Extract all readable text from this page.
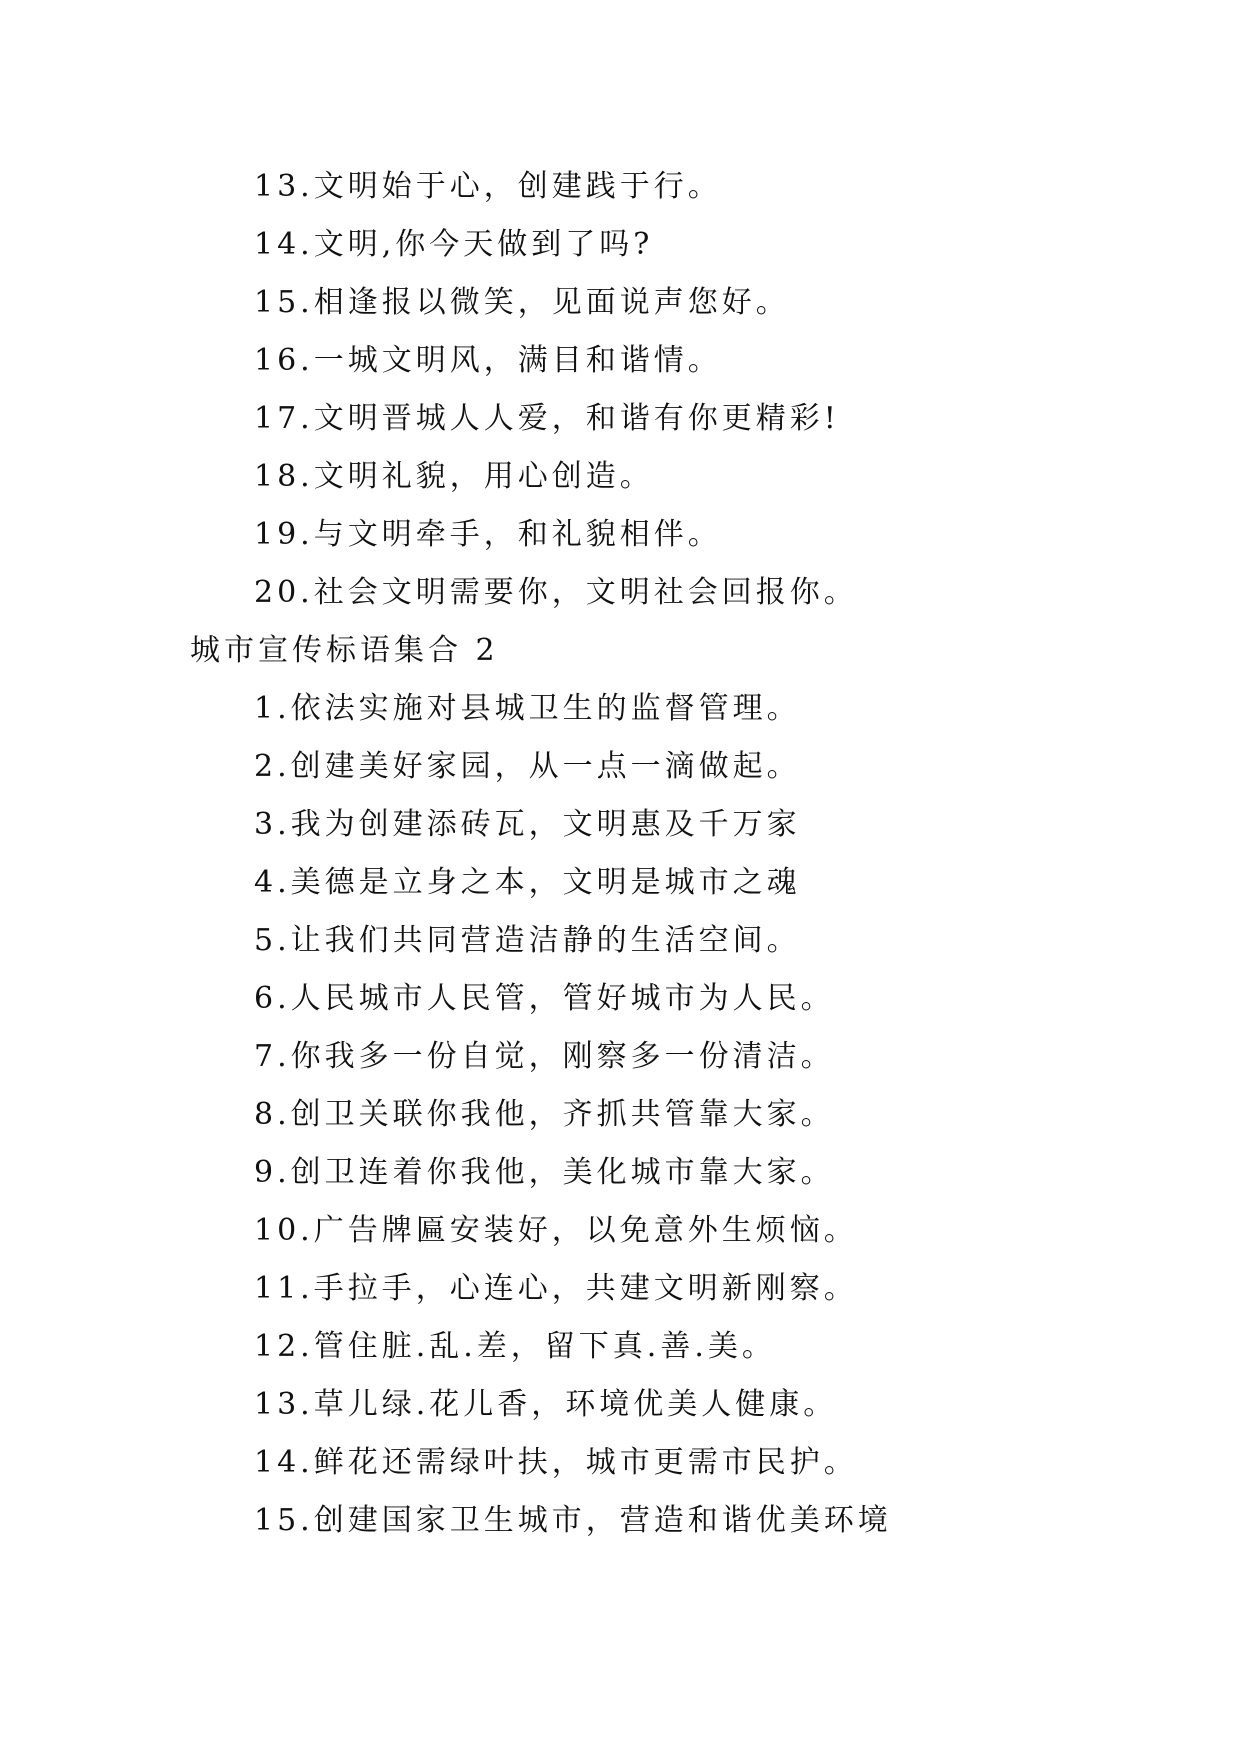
13.文明始于心，创建践于行。
14.文明,你今天做到了吗?
15.相逢报以微笑，见面说声您好。
16.一城文明风，满目和谐情。
17.文明晋城人人爱，和谐有你更精彩!
18.文明礼貌，用心创造。
19.与文明牵手，和礼貌相伴。
20.社会文明需要你，文明社会回报你。
城市宣传标语集合 2
1.依法实施对县城卫生的监督管理。
2.创建美好家园，从一点一滴做起。
3.我为创建添砖瓦，文明惠及千万家
4.美德是立身之本，文明是城市之魂
5.让我们共同营造洁静的生活空间。
6.人民城市人民管，管好城市为人民。
7.你我多一份自觉，刚察多一份清洁。
8.创卫关联你我他，齐抓共管靠大家。
9.创卫连着你我他，美化城市靠大家。
10.广告牌匾安装好，以免意外生烦恼。
11.手拉手，心连心，共建文明新刚察。
12.管住脏.乱.差，留下真.善.美。
13.草儿绿.花儿香，环境优美人健康。
14.鲜花还需绿叶扶，城市更需市民护。
15.创建国家卫生城市，营造和谐优美环境
